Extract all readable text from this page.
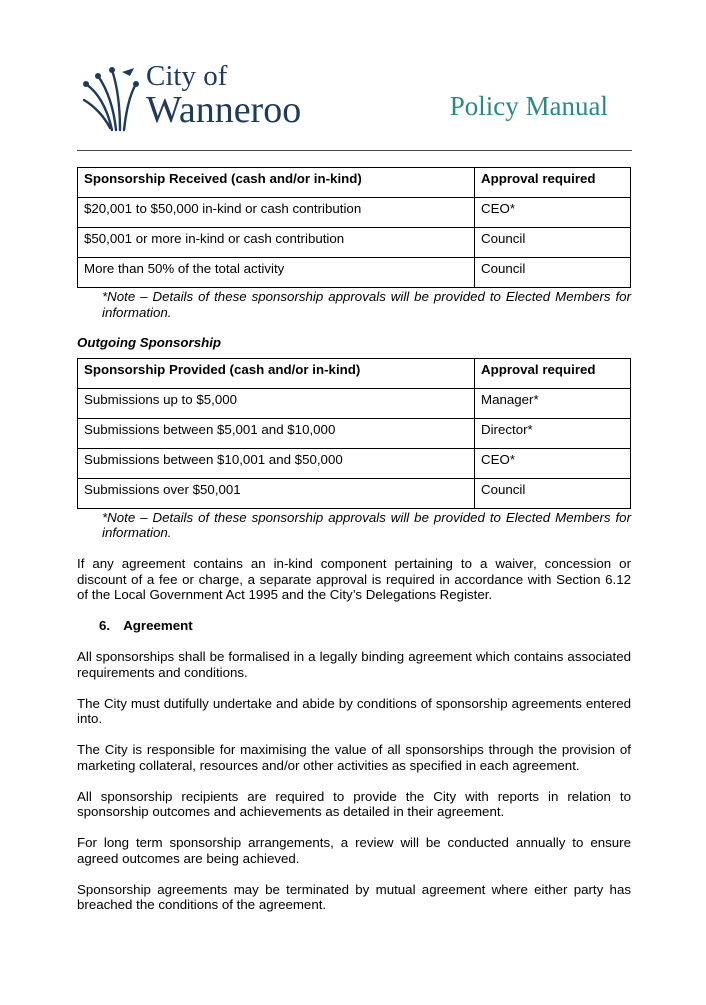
City of
Wanneroo	Policy Manual
Sponsorship Received (cash and/or in-kind)	Approval required
$20,001 to $50,000 in-kind or cash contribution	CEO*
$50,001 or more in-kind or cash contribution	Council
More than 50% of the total activity	Council

*Note – Details of these sponsorship approvals will be provided to Elected Members for information.

Outgoing Sponsorship
Sponsorship Provided (cash and/or in-kind)	Approval required
Submissions up to $5,000	Manager*
Submissions between $5,001 and $10,000	Director*
Submissions between $10,001 and $50,000	CEO*
Submissions over $50,001	Council

*Note – Details of these sponsorship approvals will be provided to Elected Members for information.

If any agreement contains an in-kind component pertaining to a waiver, concession or discount of a fee or charge, a separate approval is required in accordance with Section 6.12 of the Local Government Act 1995 and the City’s Delegations Register.

6. Agreement

All sponsorships shall be formalised in a legally binding agreement which contains associated requirements and conditions.

The City must dutifully undertake and abide by conditions of sponsorship agreements entered into.

The City is responsible for maximising the value of all sponsorships through the provision of marketing collateral, resources and/or other activities as specified in each agreement.

All sponsorship recipients are required to provide the City with reports in relation to sponsorship outcomes and achievements as detailed in their agreement.

For long term sponsorship arrangements, a review will be conducted annually to ensure agreed outcomes are being achieved.

Sponsorship agreements may be terminated by mutual agreement where either party has breached the conditions of the agreement.
